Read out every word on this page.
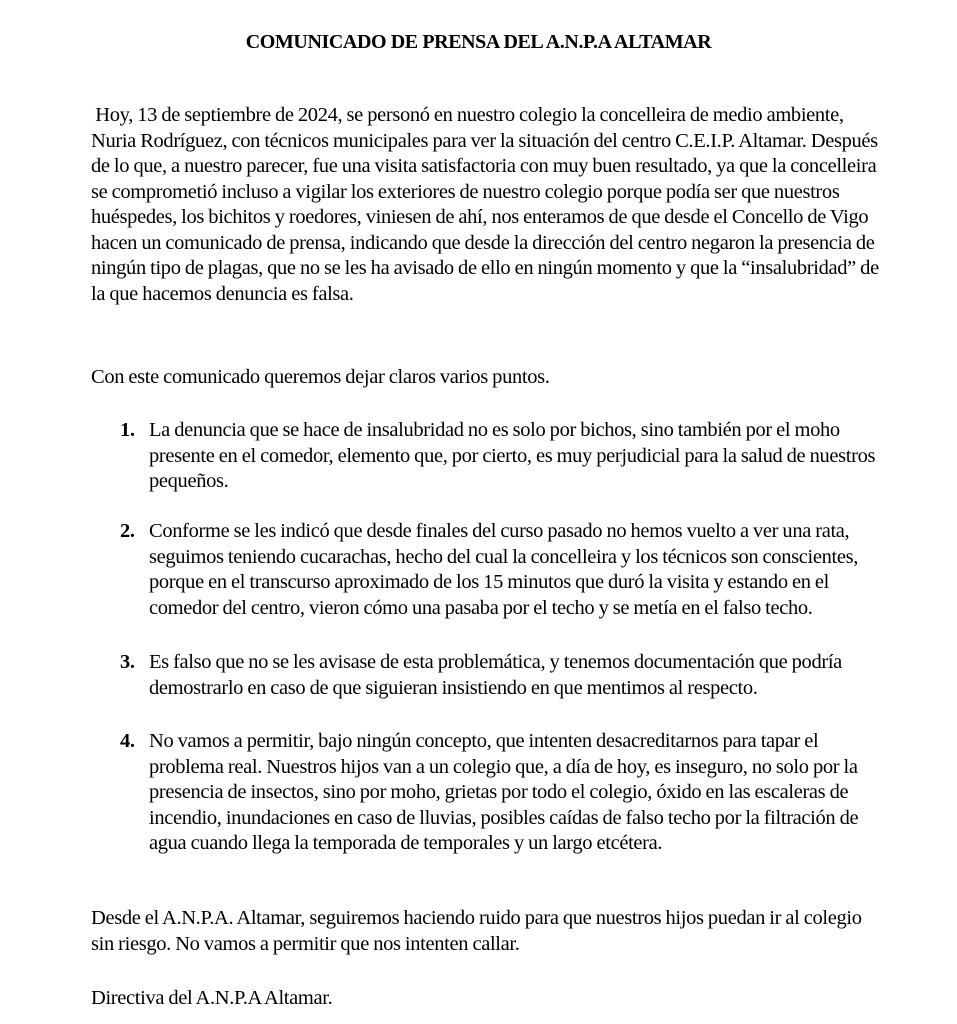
COMUNICADO DE PRENSA DEL A.N.P.A ALTAMAR

Hoy, 13 de septiembre de 2024, se personó en nuestro colegio la concelleira de medio ambiente, Nuria Rodríguez, con técnicos municipales para ver la situación del centro C.E.I.P. Altamar. Después de lo que, a nuestro parecer, fue una visita satisfactoria con muy buen resultado, ya que la concelleira se comprometió incluso a vigilar los exteriores de nuestro colegio porque podía ser que nuestros huéspedes, los bichitos y roedores, viniesen de ahí, nos enteramos de que desde el Concello de Vigo hacen un comunicado de prensa, indicando que desde la dirección del centro negaron la presencia de ningún tipo de plagas, que no se les ha avisado de ello en ningún momento y que la “insalubridad” de la que hacemos denuncia es falsa.

Con este comunicado queremos dejar claros varios puntos.

1. La denuncia que se hace de insalubridad no es solo por bichos, sino también por el moho presente en el comedor, elemento que, por cierto, es muy perjudicial para la salud de nuestros pequeños.
2. Conforme se les indicó que desde finales del curso pasado no hemos vuelto a ver una rata, seguimos teniendo cucarachas, hecho del cual la concelleira y los técnicos son conscientes, porque en el transcurso aproximado de los 15 minutos que duró la visita y estando en el comedor del centro, vieron cómo una pasaba por el techo y se metía en el falso techo.
3. Es falso que no se les avisase de esta problemática, y tenemos documentación que podría demostrarlo en caso de que siguieran insistiendo en que mentimos al respecto.
4. No vamos a permitir, bajo ningún concepto, que intenten desacreditarnos para tapar el problema real. Nuestros hijos van a un colegio que, a día de hoy, es inseguro, no solo por la presencia de insectos, sino por moho, grietas por todo el colegio, óxido en las escaleras de incendio, inundaciones en caso de lluvias, posibles caídas de falso techo por la filtración de agua cuando llega la temporada de temporales y un largo etcétera.

Desde el A.N.P.A. Altamar, seguiremos haciendo ruido para que nuestros hijos puedan ir al colegio sin riesgo. No vamos a permitir que nos intenten callar.

Directiva del A.N.P.A Altamar.
